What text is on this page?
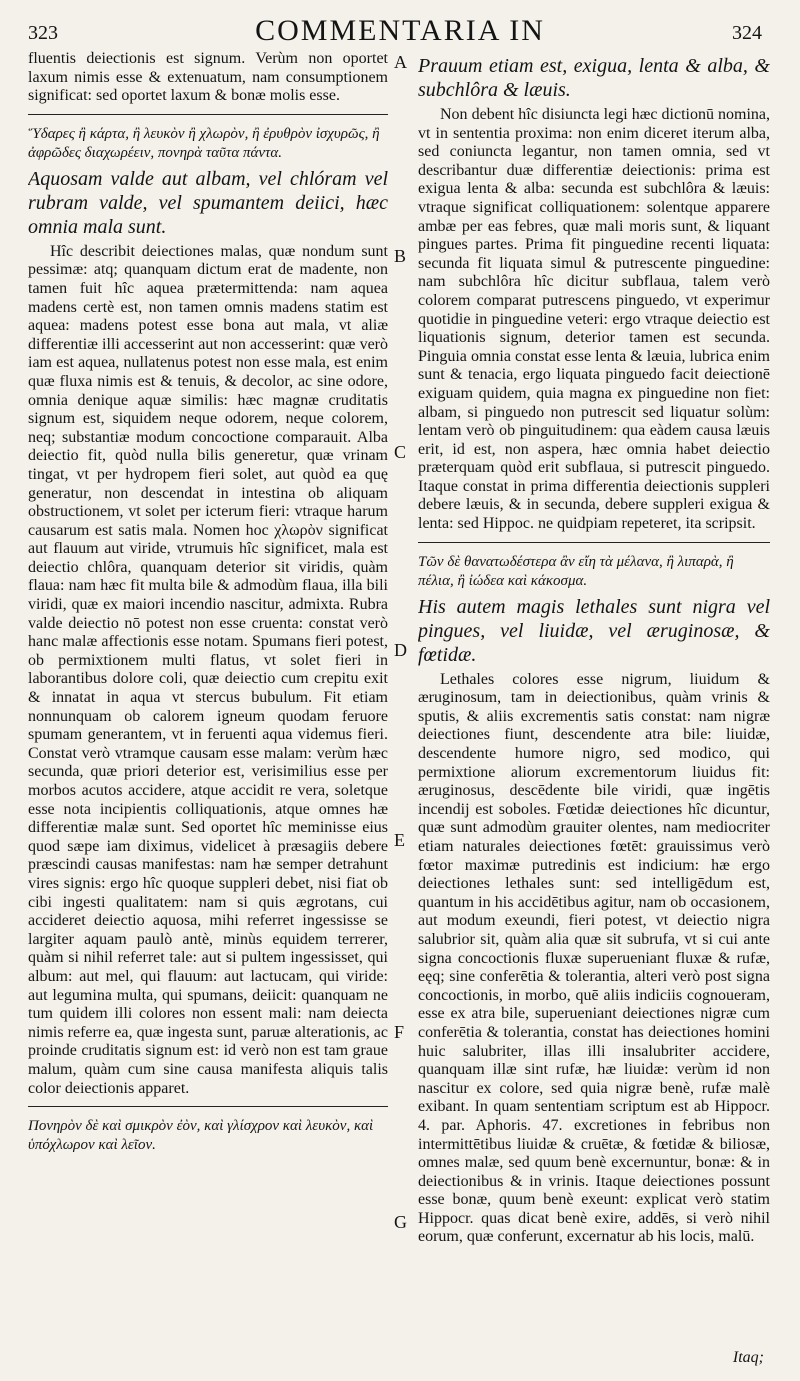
323	COMMENTARIA IN	324

fluentis deiectionis est signum. Verùm non oportet laxum nimis esse & extenuatum, nam consumptionem significat: sed oportet laxum & bonæ molis esse.

Ὕδαρες ἢ κάρτα, ἢ λευκὸν ἢ χλωρὸν, ἢ ἐρυθρὸν ἰσχυρῶς, ἢ ἀφρῶδες διαχωρέειν, πονηρὰ ταῦτα πάντα.

Aquosam valde aut albam, vel chlóram vel rubram valde, vel spumantem deiici, hæc omnia mala sunt.

Hîc describit deiectiones malas, quæ nondum sunt pessimæ: atq; quanquam dictum erat de madente, non tamen fuit hîc aquea prætermittenda: nam aquea madens certè est, non tamen omnis madens statim est aquea: madens potest esse bona aut mala, vt aliæ differentiæ illi accesserint aut non accesserint: quæ verò iam est aquea, nullatenus potest non esse mala, est enim quæ fluxa nimis est & tenuis, & decolor, ac sine odore, omnia denique aquæ similis: hæc magnæ cruditatis signum est, siquidem neque odorem, neque colorem, neq; substantiæ modum concoctione comparauit. Alba deiectio fit, quòd nulla bilis generetur, quæ vrinam tingat, vt per hydropem fieri solet, aut quòd ea quę generatur, non descendat in intestina ob aliquam obstructionem, vt solet per icterum fieri: vtraque harum causarum est satis mala. Nomen hoc χλωρὸν significat aut flauum aut viride, vtrumuis hîc significet, mala est deiectio chlôra, quanquam deterior sit viridis, quàm flaua: nam hæc fit multa bile & admodùm flaua, illa bili viridi, quæ ex maiori incendio nascitur, admixta. Rubra valde deiectio nō potest non esse cruenta: constat verò hanc malæ affectionis esse notam. Spumans fieri potest, ob permixtionem multi flatus, vt solet fieri in laborantibus dolore coli, quæ deiectio cum crepitu exit & innatat in aqua vt stercus bubulum. Fit etiam nonnunquam ob calorem igneum quodam feruore spumam generantem, vt in feruenti aqua videmus fieri. Constat verò vtramque causam esse malam: verùm hæc secunda, quæ priori deterior est, verisimilius esse per morbos acutos accidere, atque accidit re vera, soletque esse nota incipientis colliquationis, atque omnes hæ differentiæ malæ sunt. Sed oportet hîc meminisse eius quod sæpe iam diximus, videlicet à præsagiis debere præscindi causas manifestas: nam hæ semper detrahunt vires signis: ergo hîc quoque suppleri debet, nisi fiat ob cibi ingesti qualitatem: nam si quis ægrotans, cui accideret deiectio aquosa, mihi referret ingessisse se largiter aquam paulò antè, minùs equidem terrerer, quàm si nihil referret tale: aut si pultem ingessisset, qui album: aut mel, qui flauum: aut lactucam, qui viride: aut legumina multa, qui spumans, deiicit: quanquam ne tum quidem illi colores non essent mali: nam deiecta nimis referre ea, quæ ingesta sunt, paruæ alterationis, ac proinde cruditatis signum est: id verò non est tam graue malum, quàm cum sine causa manifesta aliquis talis color deiectionis apparet.

Πονηρὸν δὲ καὶ σμικρὸν ἐὸν, καὶ γλίσχρον καὶ λευκὸν, καὶ ὑπόχλωρον καὶ λεῖον.

A
B
C
D
E
F
G

Prauum etiam est, exigua, lenta & alba, & subchlôra & læuis.

Non debent hîc disiuncta legi hæc dictionū nomina, vt in sententia proxima: non enim diceret iterum alba, sed coniuncta legantur, non tamen omnia, sed vt describantur duæ differentiæ deiectionis: prima est exigua lenta & alba: secunda est subchlôra & læuis: vtraque significat colliquationem: solentque apparere ambæ per eas febres, quæ mali moris sunt, & liquant pingues partes. Prima fit pinguedine recenti liquata: secunda fit liquata simul & putrescente pinguedine: nam subchlôra hîc dicitur subflaua, talem verò colorem comparat putrescens pinguedo, vt experimur quotidie in pinguedine veteri: ergo vtraque deiectio est liquationis signum, deterior tamen est secunda. Pinguia omnia constat esse lenta & læuia, lubrica enim sunt & tenacia, ergo liquata pinguedo facit deiectionē exiguam quidem, quia magna ex pinguedine non fiet: albam, si pinguedo non putrescit sed liquatur solùm: lentam verò ob pinguitudinem: qua eàdem causa læuis erit, id est, non aspera, hæc omnia habet deiectio præterquam quòd erit subflaua, si putrescit pinguedo. Itaque constat in prima differentia deiectionis suppleri debere læuis, & in secunda, debere suppleri exigua & lenta: sed Hippoc. ne quidpiam repeteret, ita scripsit.

Τῶν δὲ θανατωδέστερα ἂν εἴη τὰ μέλανα, ἢ λιπαρὰ, ἢ πέλια, ἢ ἰώδεα καὶ κάκοσμα.

His autem magis lethales sunt nigra vel pingues, vel liuidæ, vel æruginosæ, & fœtidæ.

Lethales colores esse nigrum, liuidum & æruginosum, tam in deiectionibus, quàm vrinis & sputis, & aliis excrementis satis constat: nam nigræ deiectiones fiunt, descendente atra bile: liuidæ, descendente humore nigro, sed modico, qui permixtione aliorum excrementorum liuidus fit: æruginosus, descēdente bile viridi, quæ ingētis incendij est soboles. Fœtidæ deiectiones hîc dicuntur, quæ sunt admodùm grauiter olentes, nam mediocriter etiam naturales deiectiones fœtēt: grauissimus verò fœtor maximæ putredinis est indicium: hæ ergo deiectiones lethales sunt: sed intelligēdum est, quantum in his accidētibus agitur, nam ob occasionem, aut modum exeundi, fieri potest, vt deiectio nigra salubrior sit, quàm alia quæ sit subrufa, vt si cui ante signa concoctionis fluxæ superueniant fluxæ & rufæ, eęq; sine conferētia & tolerantia, alteri verò post signa concoctionis, in morbo, quē aliis indiciis cognoueram, esse ex atra bile, superueniant deiectiones nigræ cum conferētia & tolerantia, constat has deiectiones homini huic salubriter, illas illi insalubriter accidere, quanquam illæ sint rufæ, hæ liuidæ: verùm id non nascitur ex colore, sed quia nigræ benè, rufæ malè exibant. In quam sententiam scriptum est ab Hippocr. 4. par. Aphoris. 47. excretiones in febribus non intermittētibus liuidæ & cruētæ, & fœtidæ & biliosæ, omnes malæ, sed quum benè excernuntur, bonæ: & in deiectionibus & in vrinis. Itaque deiectiones possunt esse bonæ, quum benè exeunt: explicat verò statim Hippocr. quas dicat benè exire, addēs, si verò nihil eorum, quæ conferunt, excernatur ab his locis, malū.

Itaq;
